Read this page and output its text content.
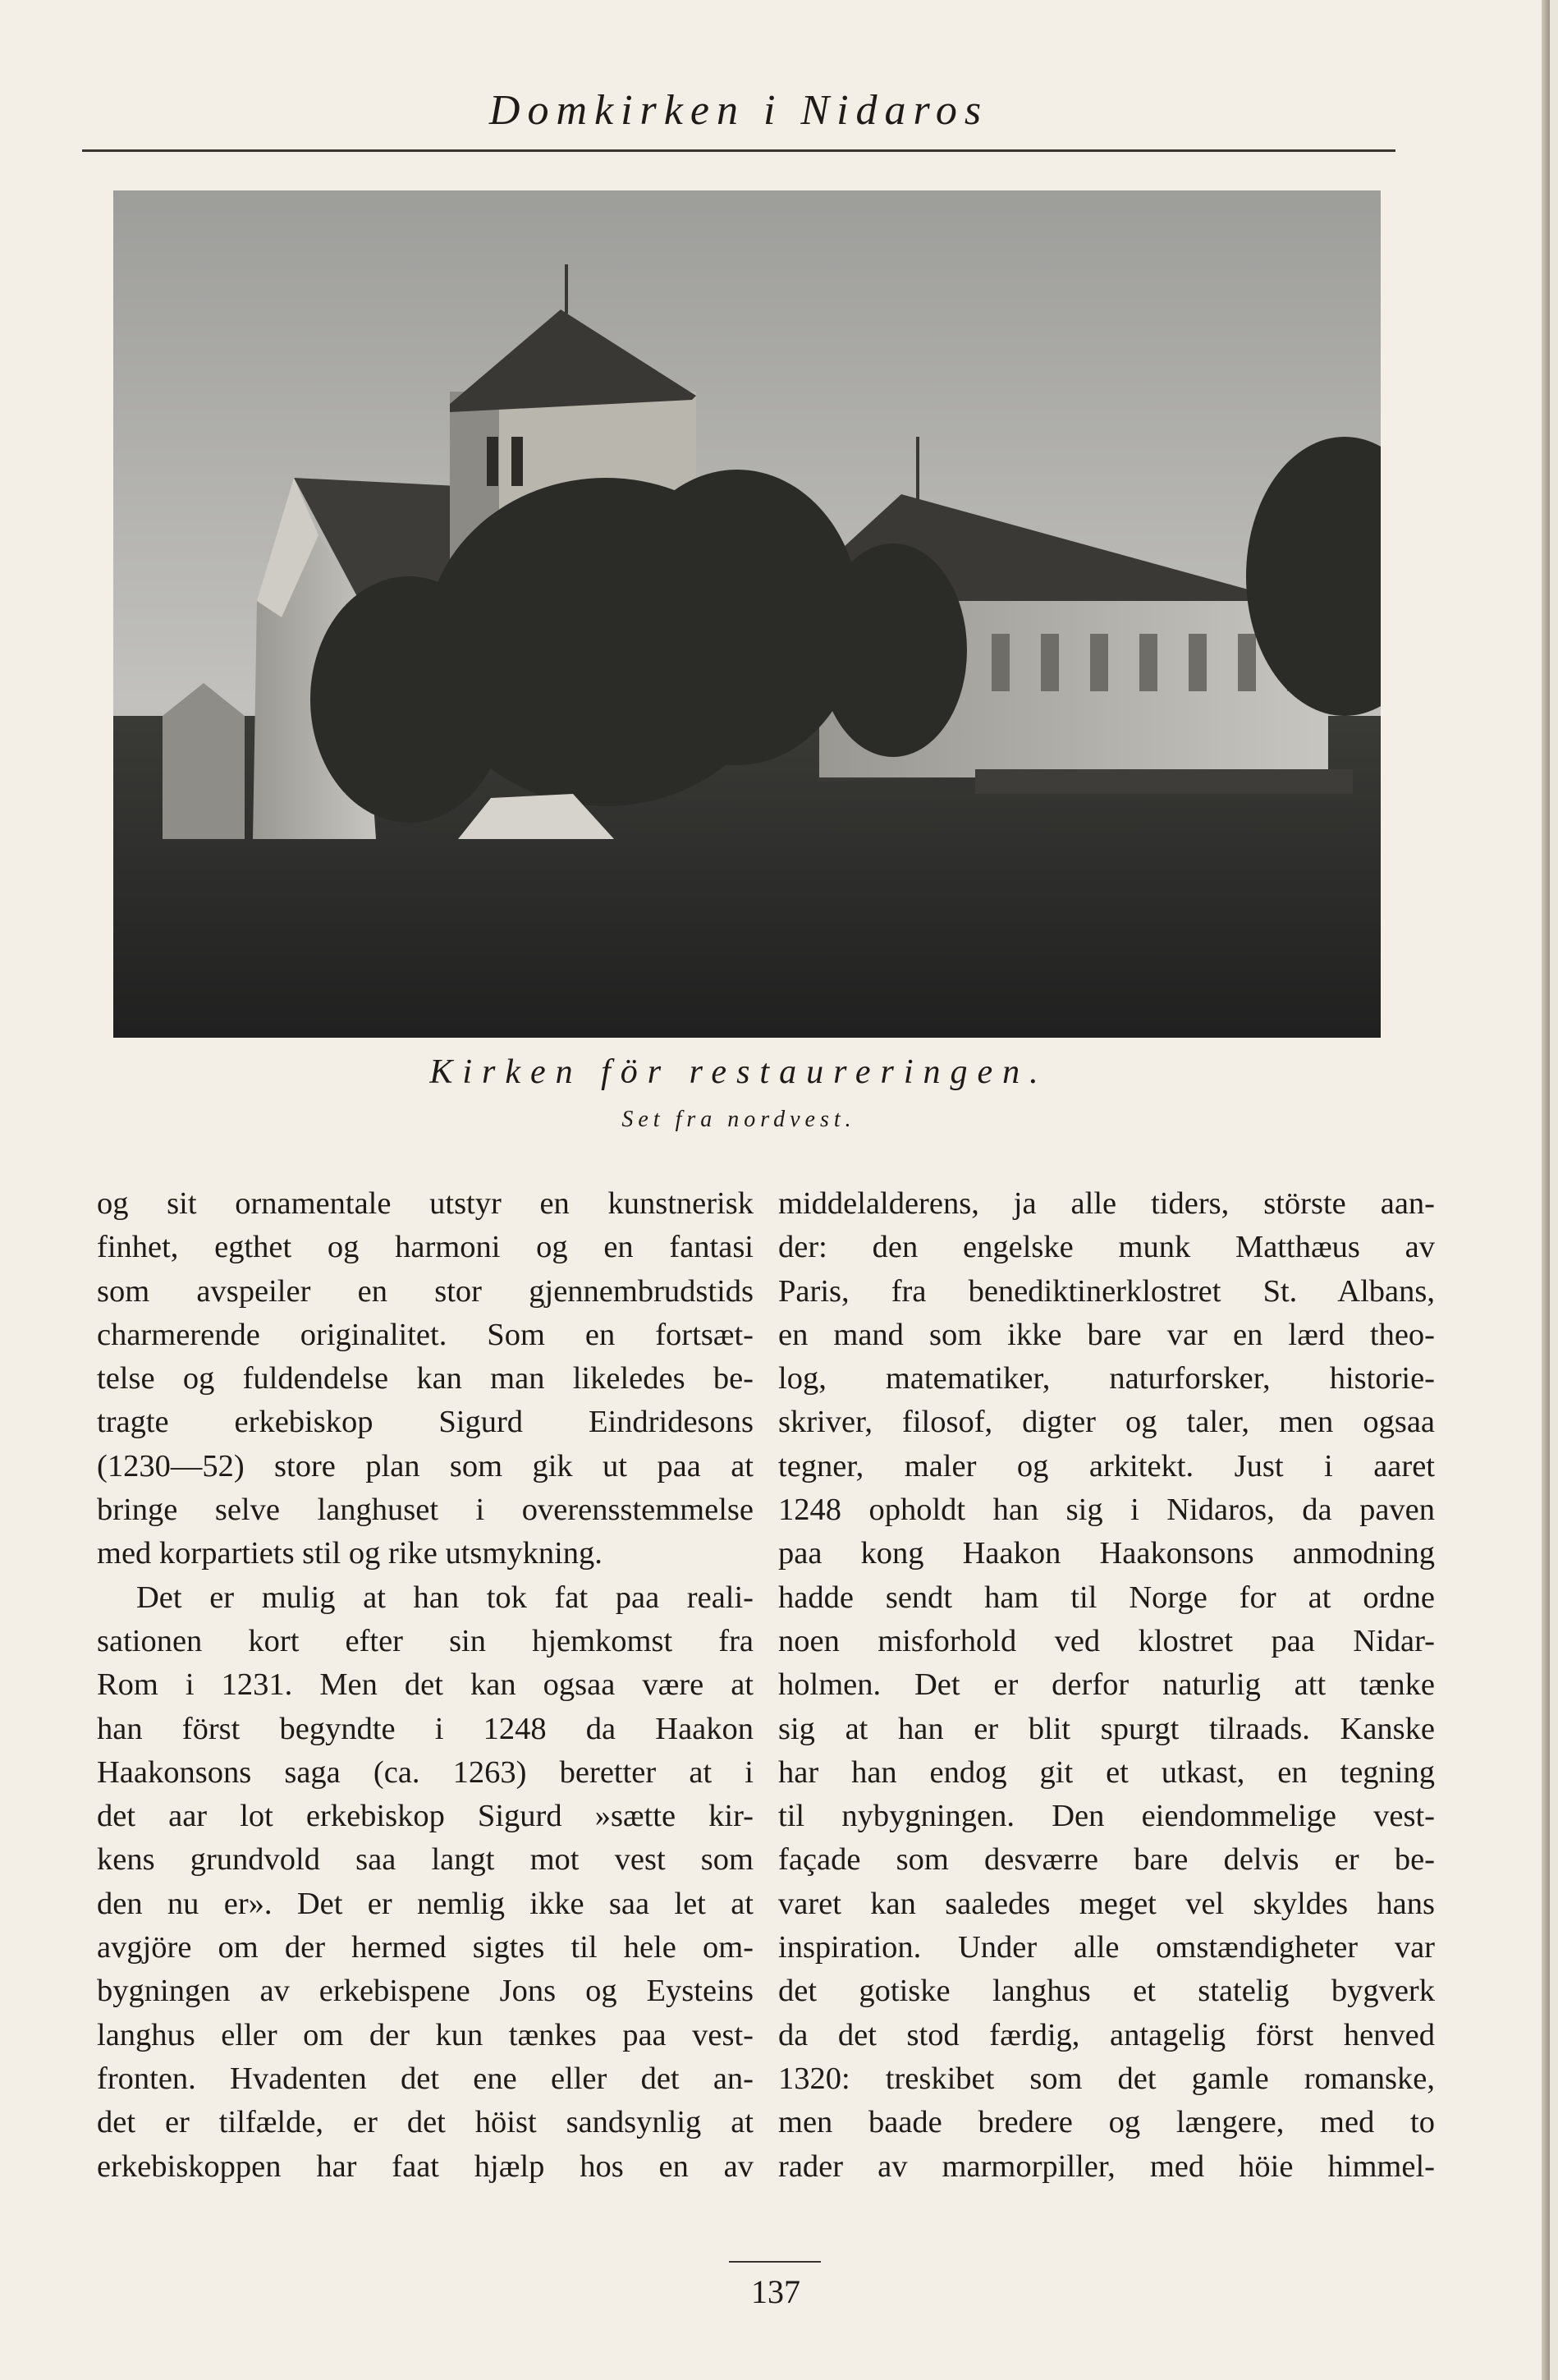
Domkirken i Nidaros
Kirken för restaureringen.
Set fra nordvest.
og sit ornamentale utstyr en kunstnerisk
finhet, egthet og harmoni og en fantasi
som avspeiler en stor gjennembrudstids
charmerende originalitet. Som en fortsæt-
telse og fuldendelse kan man likeledes be-
tragte erkebiskop Sigurd Eindridesons
(1230—52) store plan som gik ut paa at
bringe selve langhuset i overensstemmelse
med korpartiets stil og rike utsmykning.
Det er mulig at han tok fat paa reali-
sationen kort efter sin hjemkomst fra
Rom i 1231. Men det kan ogsaa være at
han först begyndte i 1248 da Haakon
Haakonsons saga (ca. 1263) beretter at i
det aar lot erkebiskop Sigurd »sætte kir-
kens grundvold saa langt mot vest som
den nu er». Det er nemlig ikke saa let at
avgjöre om der hermed sigtes til hele om-
bygningen av erkebispene Jons og Eysteins
langhus eller om der kun tænkes paa vest-
fronten. Hvadenten det ene eller det an-
det er tilfælde, er det höist sandsynlig at
erkebiskoppen har faat hjælp hos en av
middelalderens, ja alle tiders, störste aan-
der: den engelske munk Matthæus av
Paris, fra benediktinerklostret St. Albans,
en mand som ikke bare var en lærd theo-
log, matematiker, naturforsker, historie-
skriver, filosof, digter og taler, men ogsaa
tegner, maler og arkitekt. Just i aaret
1248 opholdt han sig i Nidaros, da paven
paa kong Haakon Haakonsons anmodning
hadde sendt ham til Norge for at ordne
noen misforhold ved klostret paa Nidar-
holmen. Det er derfor naturlig att tænke
sig at han er blit spurgt tilraads. Kanske
har han endog git et utkast, en tegning
til nybygningen. Den eiendommelige vest-
façade som desværre bare delvis er be-
varet kan saaledes meget vel skyldes hans
inspiration. Under alle omstændigheter var
det gotiske langhus et statelig bygverk
da det stod færdig, antagelig först henved
1320: treskibet som det gamle romanske,
men baade bredere og længere, med to
rader av marmorpiller, med höie himmel-
137
